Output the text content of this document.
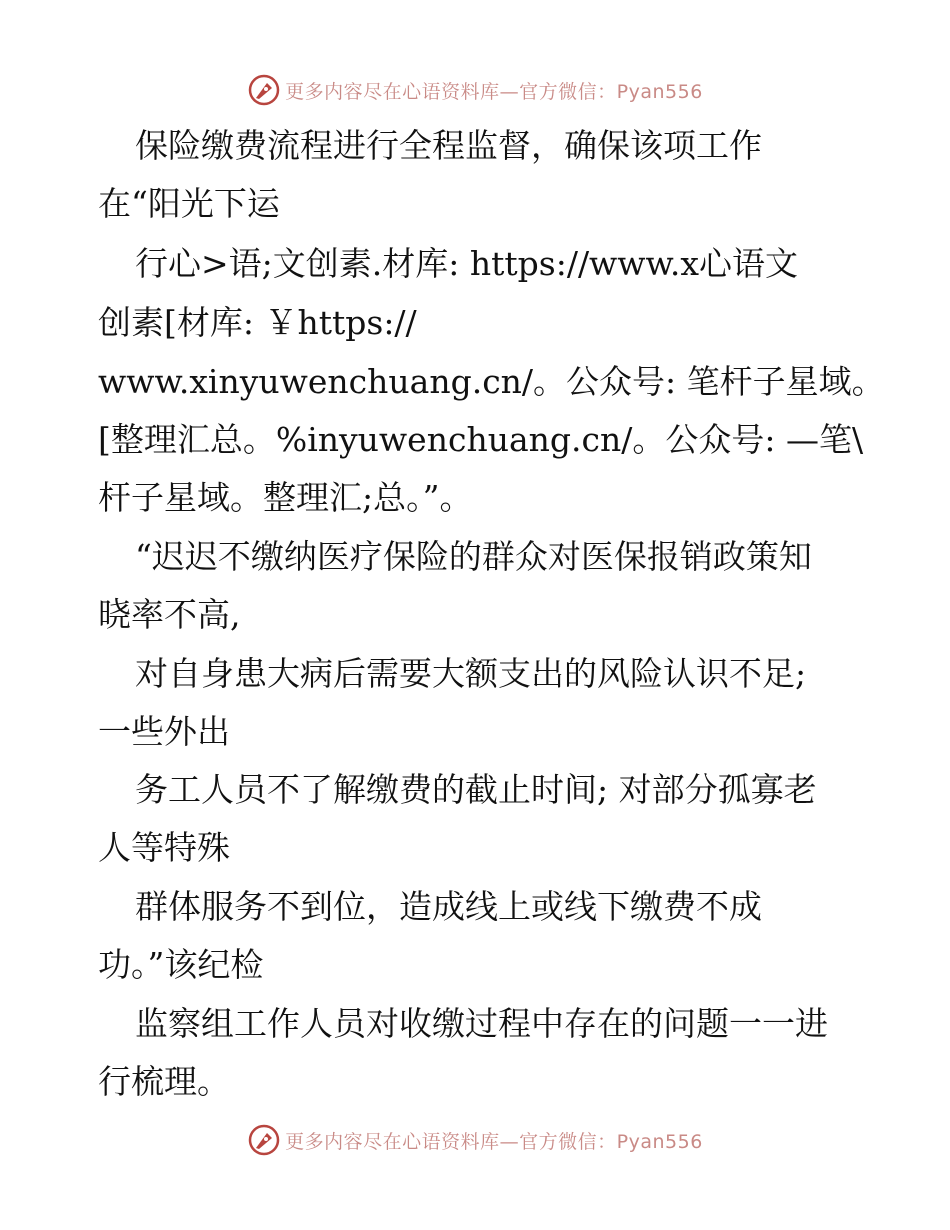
更多内容尽在心语资料库—官方微信：Pyan556
保险缴费流程进行全程监督，确保该项工作
在“阳光下运
行心>语;文创素.材库: https://www.x心语文
创素[材库: ￥https://
www.xinyuwenchuang.cn/。公众号: 笔杆子星域。
[整理汇总。%inyuwenchuang.cn/。公众号: —笔\
杆子星域。整理汇;总。”。
“迟迟不缴纳医疗保险的群众对医保报销政策知
晓率不高,
对自身患大病后需要大额支出的风险认识不足;
一些外出
务工人员不了解缴费的截止时间; 对部分孤寡老
人等特殊
群体服务不到位，造成线上或线下缴费不成
功。”该纪检
监察组工作人员对收缴过程中存在的问题一一进
行梳理。
更多内容尽在心语资料库—官方微信：Pyan556
